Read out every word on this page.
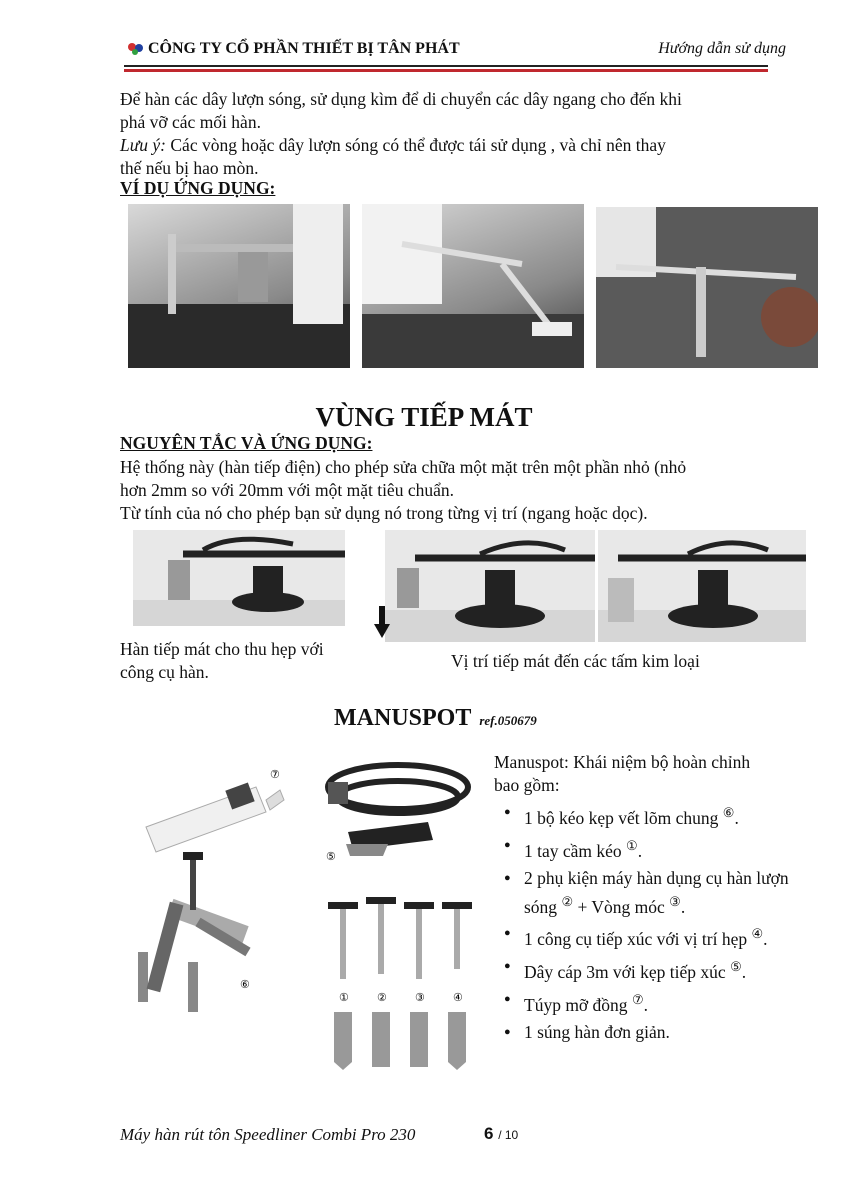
CÔNG TY CỔ PHẦN THIẾT BỊ TÂN PHÁT	Hướng dẫn sử dụng

Để hàn các dây lượn sóng, sử dụng kìm để di chuyển các dây ngang cho đến khi

phá vỡ các mối hàn.

Lưu ý: Các vòng hoặc dây lượn sóng có thể được tái sử dụng , và chỉ nên thay

thế nếu bị hao mòn.

VÍ DỤ ỨNG DỤNG:
VÙNG TIẾP MÁT
NGUYÊN TẮC VÀ ỨNG DỤNG:

Hệ thống này (hàn tiếp điện) cho phép sửa chữa một mặt trên một phần nhỏ (nhỏ

hơn 2mm so với 20mm với một mặt tiêu chuẩn.

Từ tính của nó cho phép bạn sử dụng nó trong từng vị trí (ngang hoặc dọc).

Hàn tiếp mát cho thu hẹp với

công cụ hàn.

Vị trí tiếp mát đến các tấm kim loại

MANUSPOT ref.050679
⑦
⑥
⑤
①	②	③	④

Manuspot: Khái niệm bộ hoàn chỉnh

bao gồm:

● 1 bộ kéo kẹp vết lõm chung ⑥.
● 1 tay cầm kéo ①.
● 2 phụ kiện máy hàn dụng cụ hàn lượn sóng ② + Vòng móc ③.
● 1 công cụ tiếp xúc với vị trí hẹp ④.
● Dây cáp 3m với kẹp tiếp xúc ⑤.
● Túyp mỡ đồng ⑦.
● 1 súng hàn đơn giản.
Máy hàn rút tôn Speedliner Combi Pro 230	6 / 10
